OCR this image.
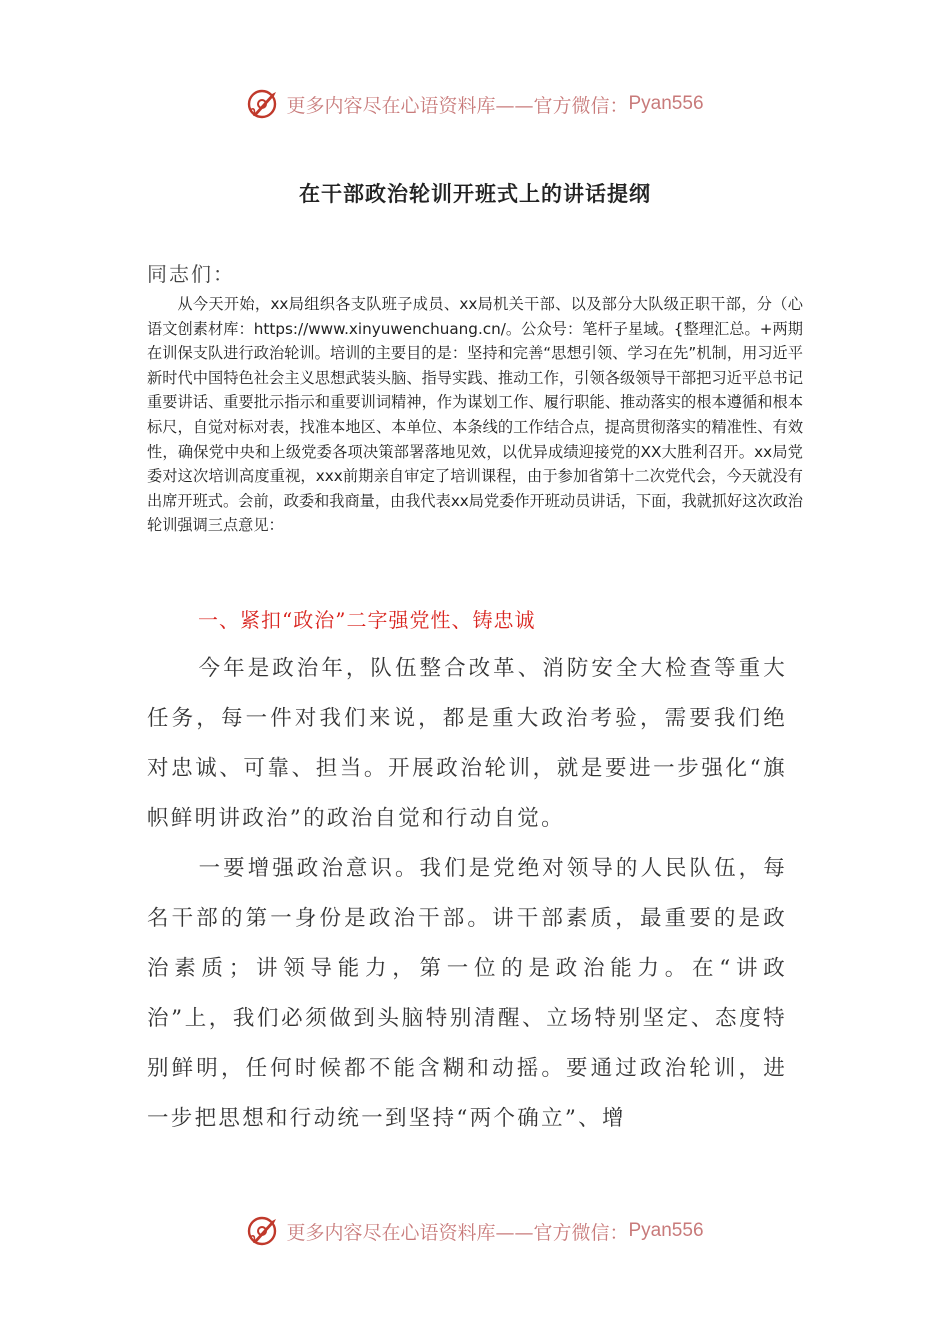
更多内容尽在心语资料库——官方微信： Pyan556
在干部政治轮训开班式上的讲话提纲
同志们：

从今天开始，xx局组织各支队班子成员、xx局机关干部、以及部分大队级正职干部，分（心语文创素材库：https://www.xinyuwenchuang.cn/。公众号：笔杆子星域。{整理汇总。+两期在训保支队进行政治轮训。培训的主要目的是：坚持和完善“思想引领、学习在先”机制，用习近平新时代中国特色社会主义思想武装头脑、指导实践、推动工作，引领各级领导干部把习近平总书记重要讲话、重要批示指示和重要训词精神，作为谋划工作、履行职能、推动落实的根本遵循和根本标尺，自觉对标对表，找准本地区、本单位、本条线的工作结合点，提高贯彻落实的精准性、有效性，确保党中央和上级党委各项决策部署落地见效，以优异成绩迎接党的XX大胜利召开。xx局党委对这次培训高度重视，xxx前期亲自审定了培训课程，由于参加省第十二次党代会，今天就没有出席开班式。会前，政委和我商量，由我代表xx局党委作开班动员讲话，下面，我就抓好这次政治轮训强调三点意见：

一、紧扣“政治”二字强党性、铸忠诚

今年是政治年，队伍整合改革、消防安全大检查等重大任务，每一件对我们来说，都是重大政治考验，需要我们绝对忠诚、可靠、担当。开展政治轮训，就是要进一步强化“旗帜鲜明讲政治”的政治自觉和行动自觉。

一要增强政治意识。我们是党绝对领导的人民队伍，每名干部的第一身份是政治干部。讲干部素质，最重要的是政治素质；讲领导能力，第一位的是政治能力。在“讲政治”上，我们必须做到头脑特别清醒、立场特别坚定、态度特别鲜明，任何时候都不能含糊和动摇。要通过政治轮训，进一步把思想和行动统一到坚持“两个确立”、增

更多内容尽在心语资料库——官方微信： Pyan556
